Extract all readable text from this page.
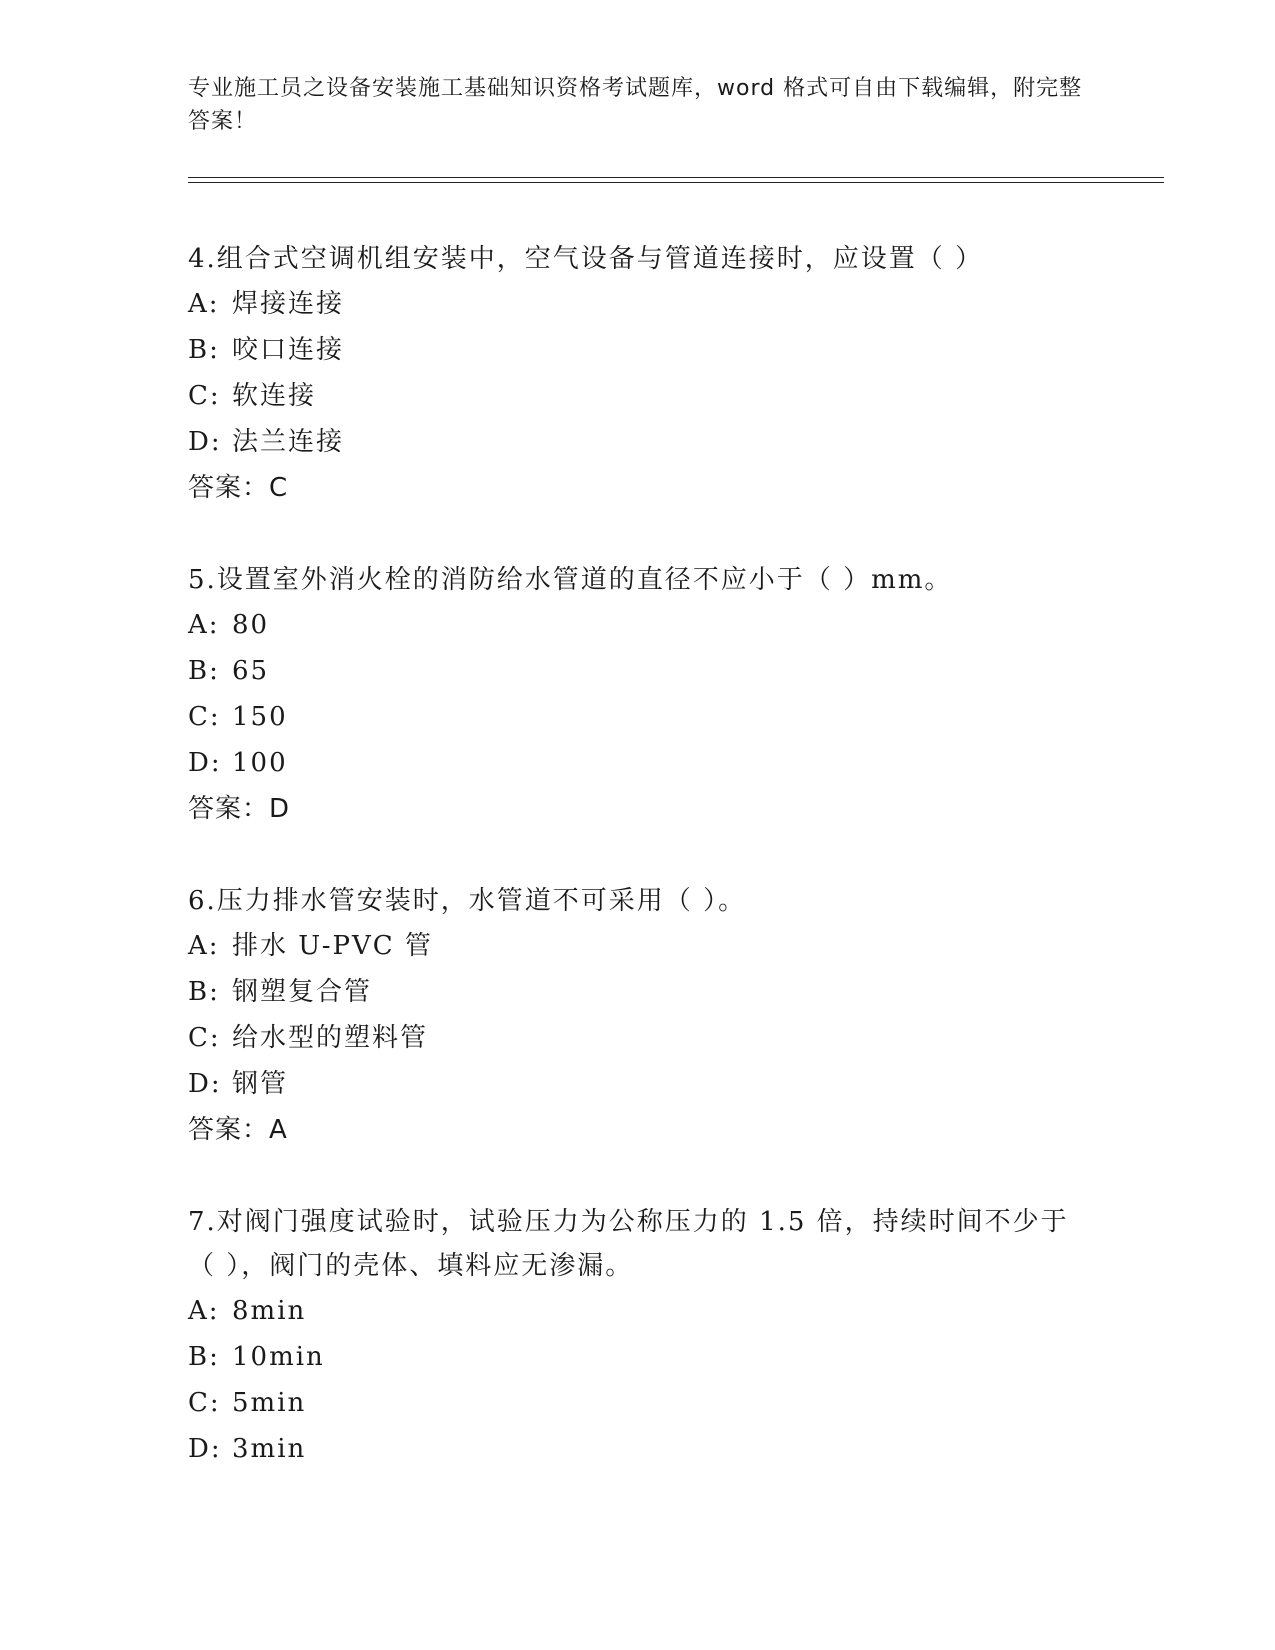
专业施工员之设备安装施工基础知识资格考试题库，word 格式可自由下载编辑，附完整答案！

4.组合式空调机组安装中，空气设备与管道连接时，应设置（ ）

A: 焊接连接

B: 咬口连接

C: 软连接

D: 法兰连接

答案：C

5.设置室外消火栓的消防给水管道的直径不应小于（ ）mm。

A: 80

B: 65

C: 150

D: 100

答案：D

6.压力排水管安装时，水管道不可采用（ ）。

A: 排水 U-PVC 管

B: 钢塑复合管

C: 给水型的塑料管

D: 钢管

答案：A

7.对阀门强度试验时，试验压力为公称压力的 1.5 倍，持续时间不少于（ ），阀门的壳体、填料应无渗漏。

A: 8min

B: 10min

C: 5min

D: 3min
